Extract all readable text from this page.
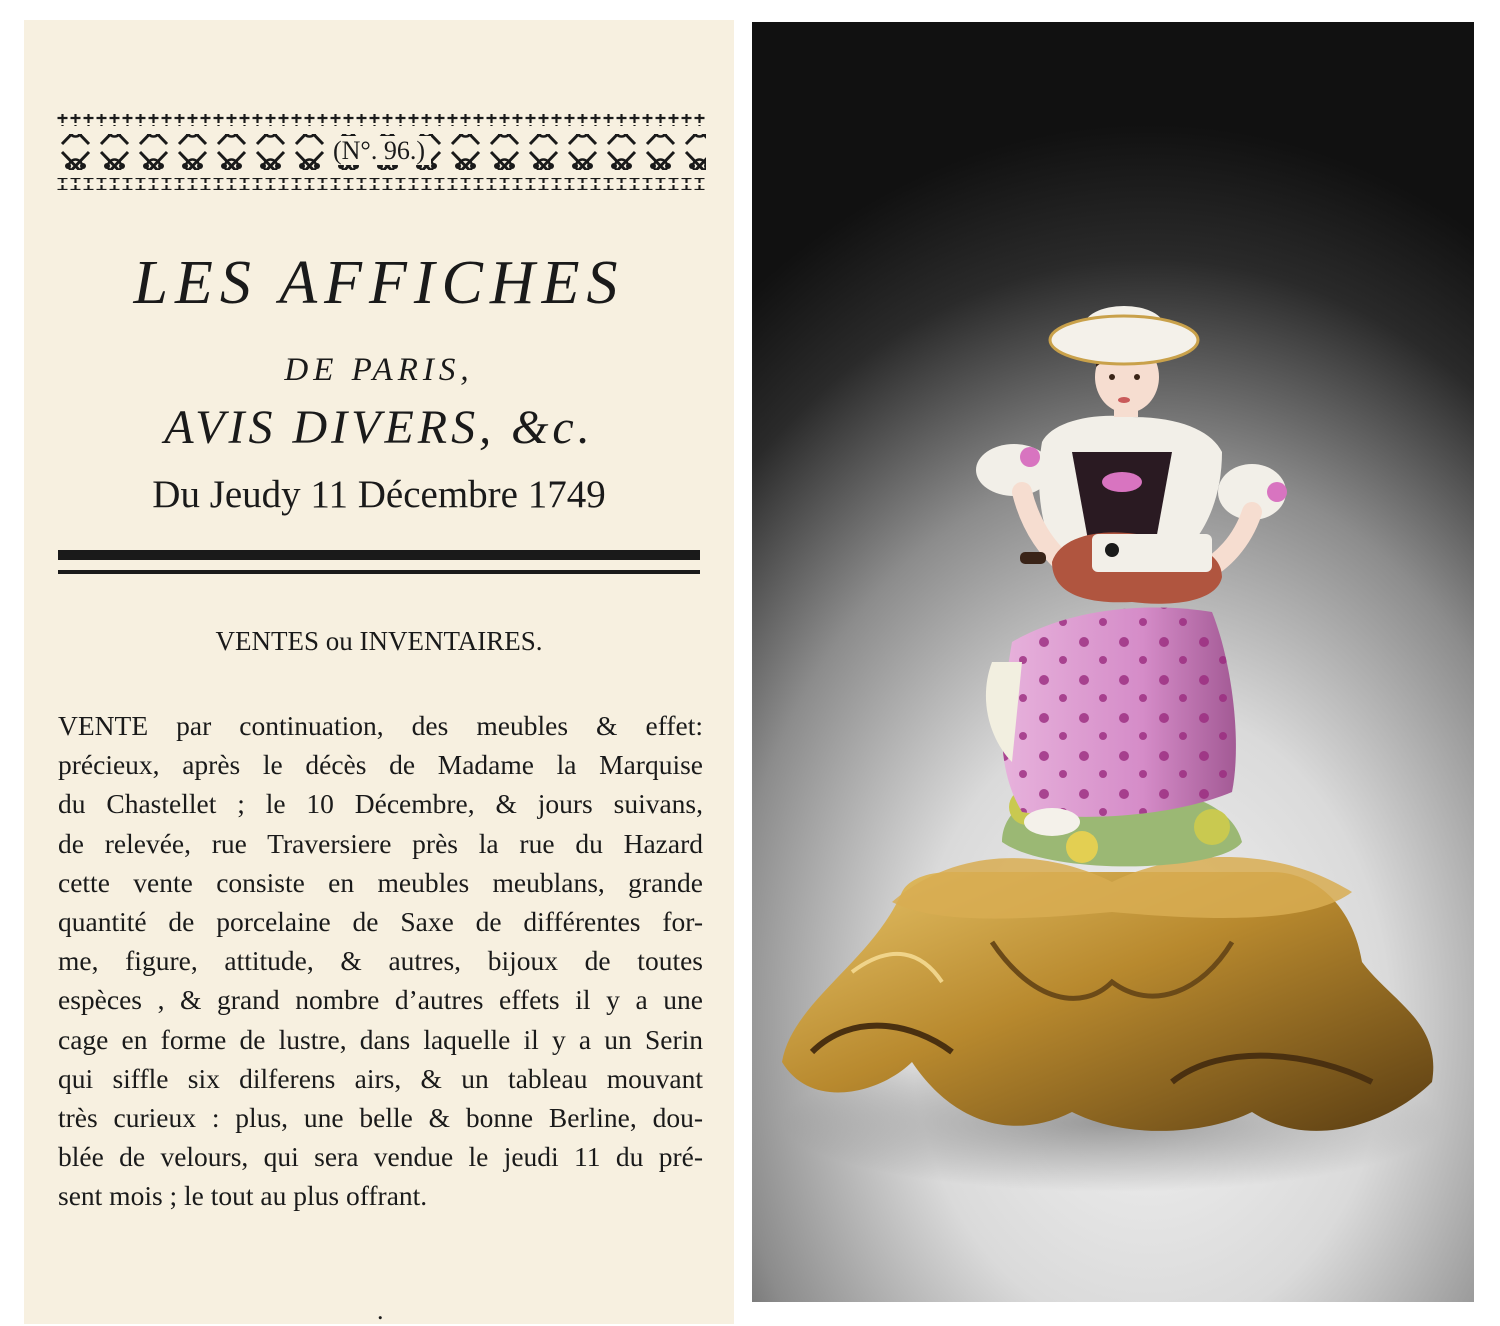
(N°. 96.)
LES AFFICHES
DE PARIS,
AVIS DIVERS, &c.
Du Jeudy 11 Décembre 1749
VENTES ou INVENTAIRES.
VENTE par continuation, des meubles & effet:
précieux, après le décès de Madame la Marquise
du Chastellet ; le 10 Décembre, & jours suivans,
de relevée, rue Traversiere près la rue du Hazard
cette vente consiste en meubles meublans, grande
quantité de porcelaine de Saxe de différentes for-
me, figure, attitude, & autres, bijoux de toutes
espèces , & grand nombre d’autres effets il y a une
cage en forme de lustre, dans laquelle il y a un Serin
qui siffle six dilferens airs, & un tableau mouvant
très curieux : plus, une belle & bonne Berline, dou-
blée de velours, qui sera vendue le jeudi 11 du pré-
sent mois ; le tout au plus offrant.
.
